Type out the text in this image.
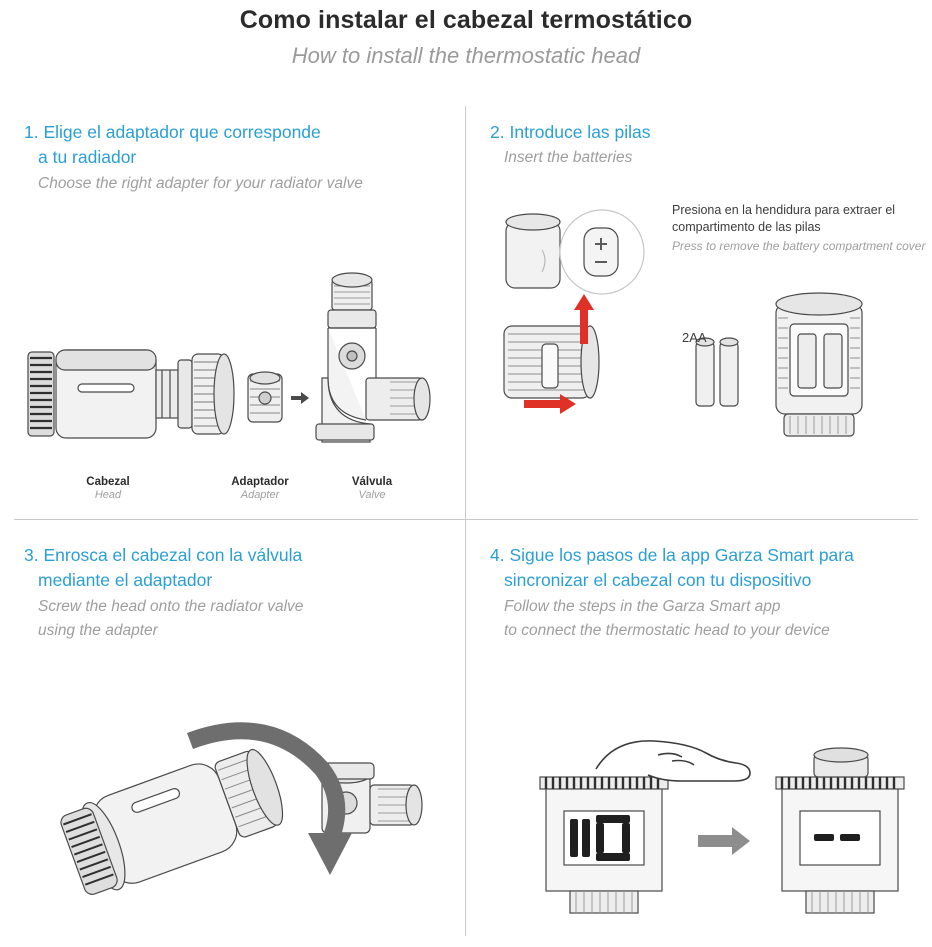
Como instalar el cabezal termostático
How to install the thermostatic head

1. Elige el adaptador que corresponde
a tu radiador

Choose the right adapter for your radiator valve

Cabezal

Head

Adaptador

Adapter

Válvula

Valve

2. Introduce las pilas

Insert the batteries

Presiona en la hendidura para extraer el compartimento de las pilas

Press to remove the battery compartment cover

2AA

3. Enrosca el cabezal con la válvula
mediante el adaptador

Screw the head onto the radiator valve

using the adapter

4. Sigue los pasos de la app Garza Smart para
sincronizar el cabezal con tu dispositivo

Follow the steps in the Garza Smart app

to connect the thermostatic head to your device
